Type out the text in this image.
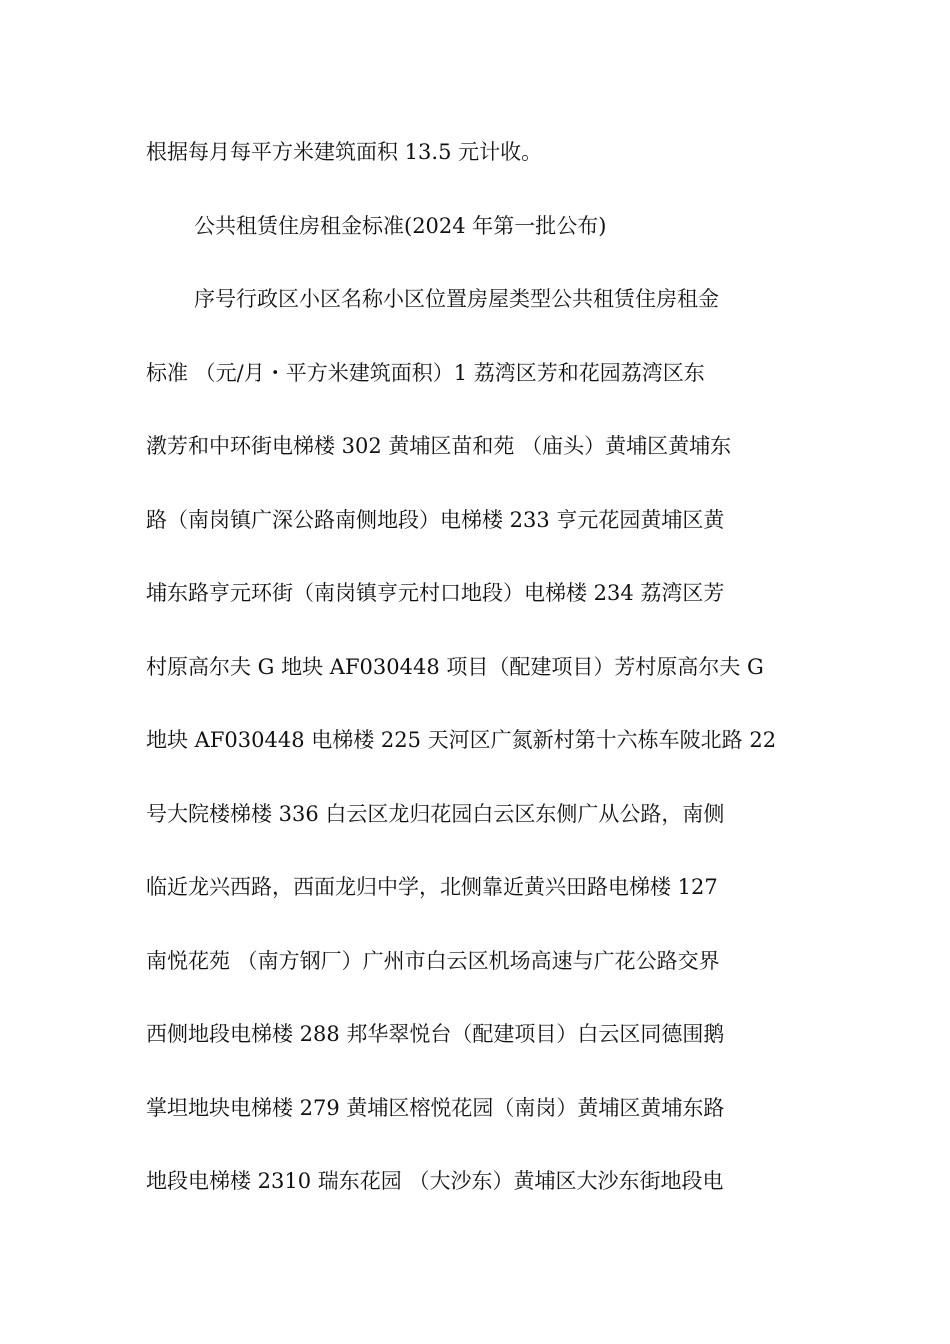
根据每月每平方米建筑面积 13.5 元计收。
公共租赁住房租金标准(2024 年第一批公布)
序号行政区小区名称小区位置房屋类型公共租赁住房租金
标准 （元/月・平方米建筑面积）1 荔湾区芳和花园荔湾区东
漖芳和中环街电梯楼 302 黄埔区苗和苑 （庙头）黄埔区黄埔东
路（南岗镇广深公路南侧地段）电梯楼 233 亨元花园黄埔区黄
埔东路亨元环街（南岗镇亨元村口地段）电梯楼 234 荔湾区芳
村原高尔夫 G 地块 AF030448 项目（配建项目）芳村原高尔夫 G
地块 AF030448 电梯楼 225 天河区广氮新村第十六栋车陂北路 22
号大院楼梯楼 336 白云区龙归花园白云区东侧广从公路，南侧
临近龙兴西路，西面龙归中学，北侧靠近黄兴田路电梯楼 127
南悦花苑 （南方钢厂）广州市白云区机场高速与广花公路交界
西侧地段电梯楼 288 邦华翠悦台（配建项目）白云区同德围鹅
掌坦地块电梯楼 279 黄埔区榕悦花园（南岗）黄埔区黄埔东路
地段电梯楼 2310 瑞东花园 （大沙东）黄埔区大沙东街地段电
